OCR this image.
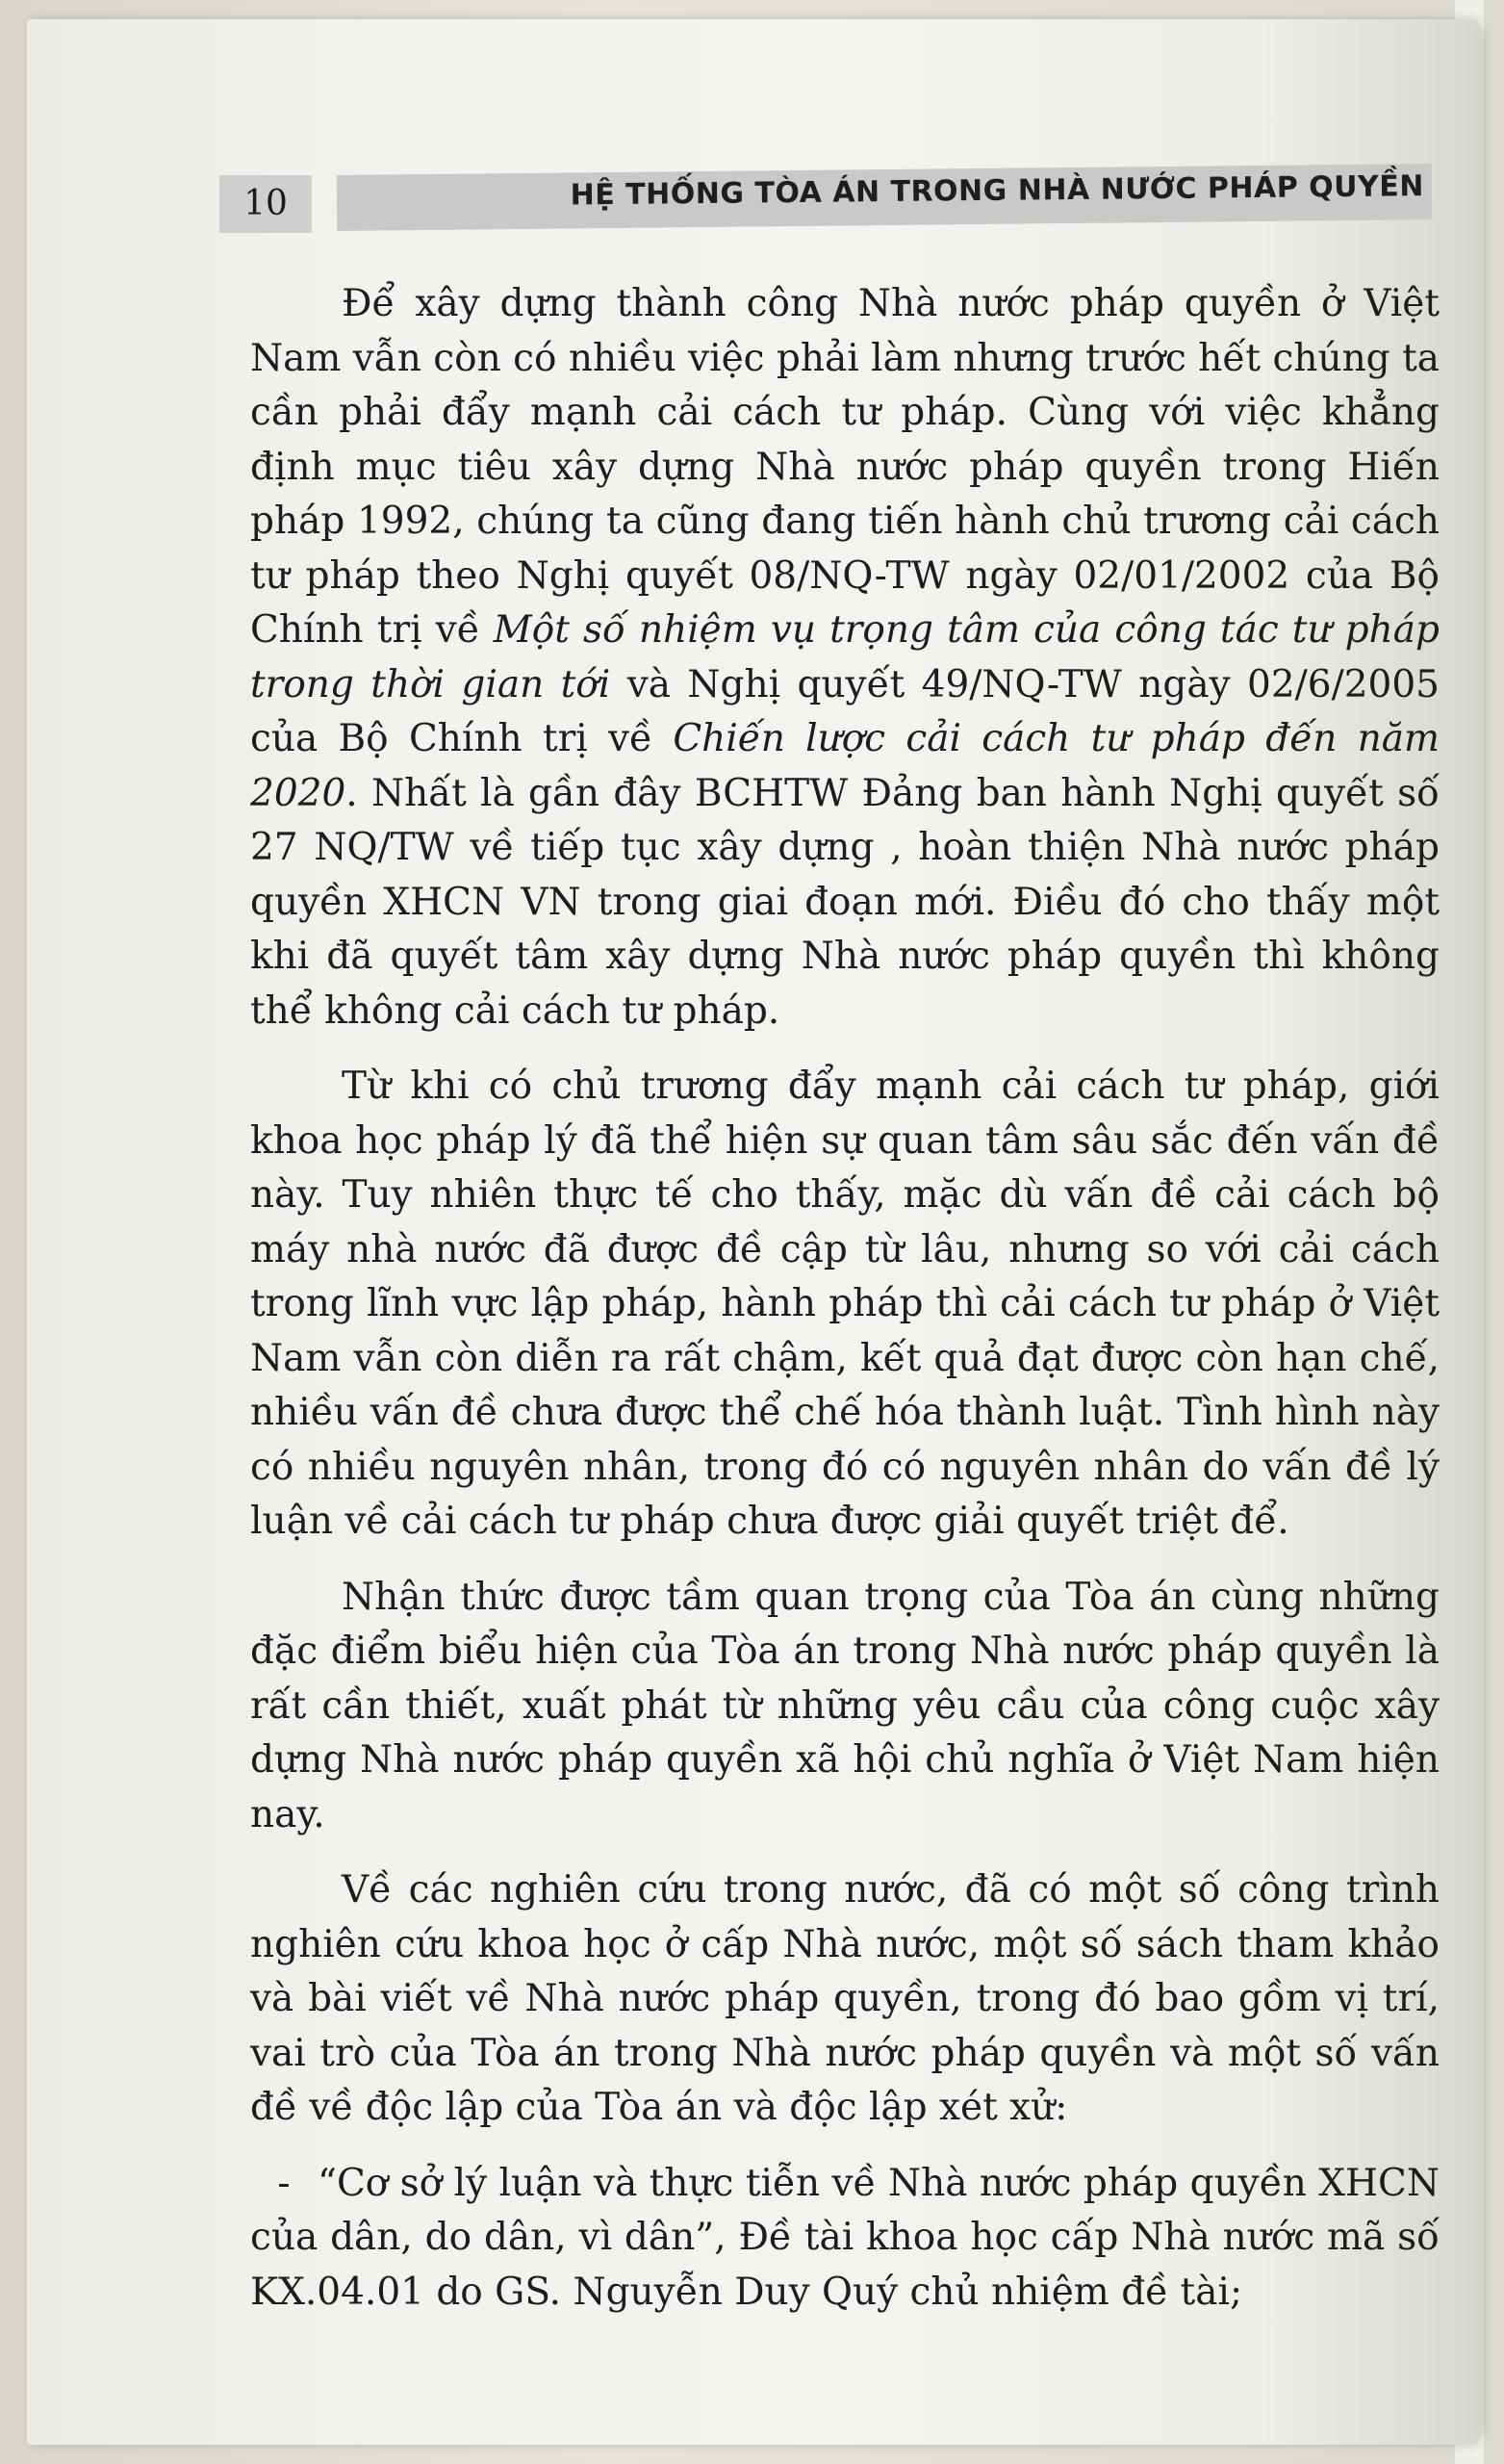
10	HỆ THỐNG TÒA ÁN TRONG NHÀ NƯỚC PHÁP QUYỀN

Để xây dựng thành công Nhà nước pháp quyền ở Việt Nam vẫn còn có nhiều việc phải làm nhưng trước hết chúng ta cần phải đẩy mạnh cải cách tư pháp. Cùng với việc khẳng định mục tiêu xây dựng Nhà nước pháp quyền trong Hiến pháp 1992, chúng ta cũng đang tiến hành chủ trương cải cách tư pháp theo Nghị quyết 08/NQ-TW ngày 02/01/2002 của Bộ Chính trị về Một số nhiệm vụ trọng tâm của công tác tư pháp trong thời gian tới và Nghị quyết 49/NQ-TW ngày 02/6/2005 của Bộ Chính trị về Chiến lược cải cách tư pháp đến năm 2020. Nhất là gần đây BCHTW Đảng ban hành Nghị quyết số 27 NQ/TW về tiếp tục xây dựng , hoàn thiện Nhà nước pháp quyền XHCN VN trong giai đoạn mới. Điều đó cho thấy một khi đã quyết tâm xây dựng Nhà nước pháp quyền thì không thể không cải cách tư pháp.

Từ khi có chủ trương đẩy mạnh cải cách tư pháp, giới khoa học pháp lý đã thể hiện sự quan tâm sâu sắc đến vấn đề này. Tuy nhiên thực tế cho thấy, mặc dù vấn đề cải cách bộ máy nhà nước đã được đề cập từ lâu, nhưng so với cải cách trong lĩnh vực lập pháp, hành pháp thì cải cách tư pháp ở Việt Nam vẫn còn diễn ra rất chậm, kết quả đạt được còn hạn chế, nhiều vấn đề chưa được thể chế hóa thành luật. Tình hình này có nhiều nguyên nhân, trong đó có nguyên nhân do vấn đề lý luận về cải cách tư pháp chưa được giải quyết triệt để.

Nhận thức được tầm quan trọng của Tòa án cùng những đặc điểm biểu hiện của Tòa án trong Nhà nước pháp quyền là rất cần thiết, xuất phát từ những yêu cầu của công cuộc xây dựng Nhà nước pháp quyền xã hội chủ nghĩa ở Việt Nam hiện nay.

Về các nghiên cứu trong nước, đã có một số công trình nghiên cứu khoa học ở cấp Nhà nước, một số sách tham khảo và bài viết về Nhà nước pháp quyền, trong đó bao gồm vị trí, vai trò của Tòa án trong Nhà nước pháp quyền và một số vấn đề về độc lập của Tòa án và độc lập xét xử:

- “Cơ sở lý luận và thực tiễn về Nhà nước pháp quyền XHCN của dân, do dân, vì dân”, Đề tài khoa học cấp Nhà nước mã số KX.04.01 do GS. Nguyễn Duy Quý chủ nhiệm đề tài;
